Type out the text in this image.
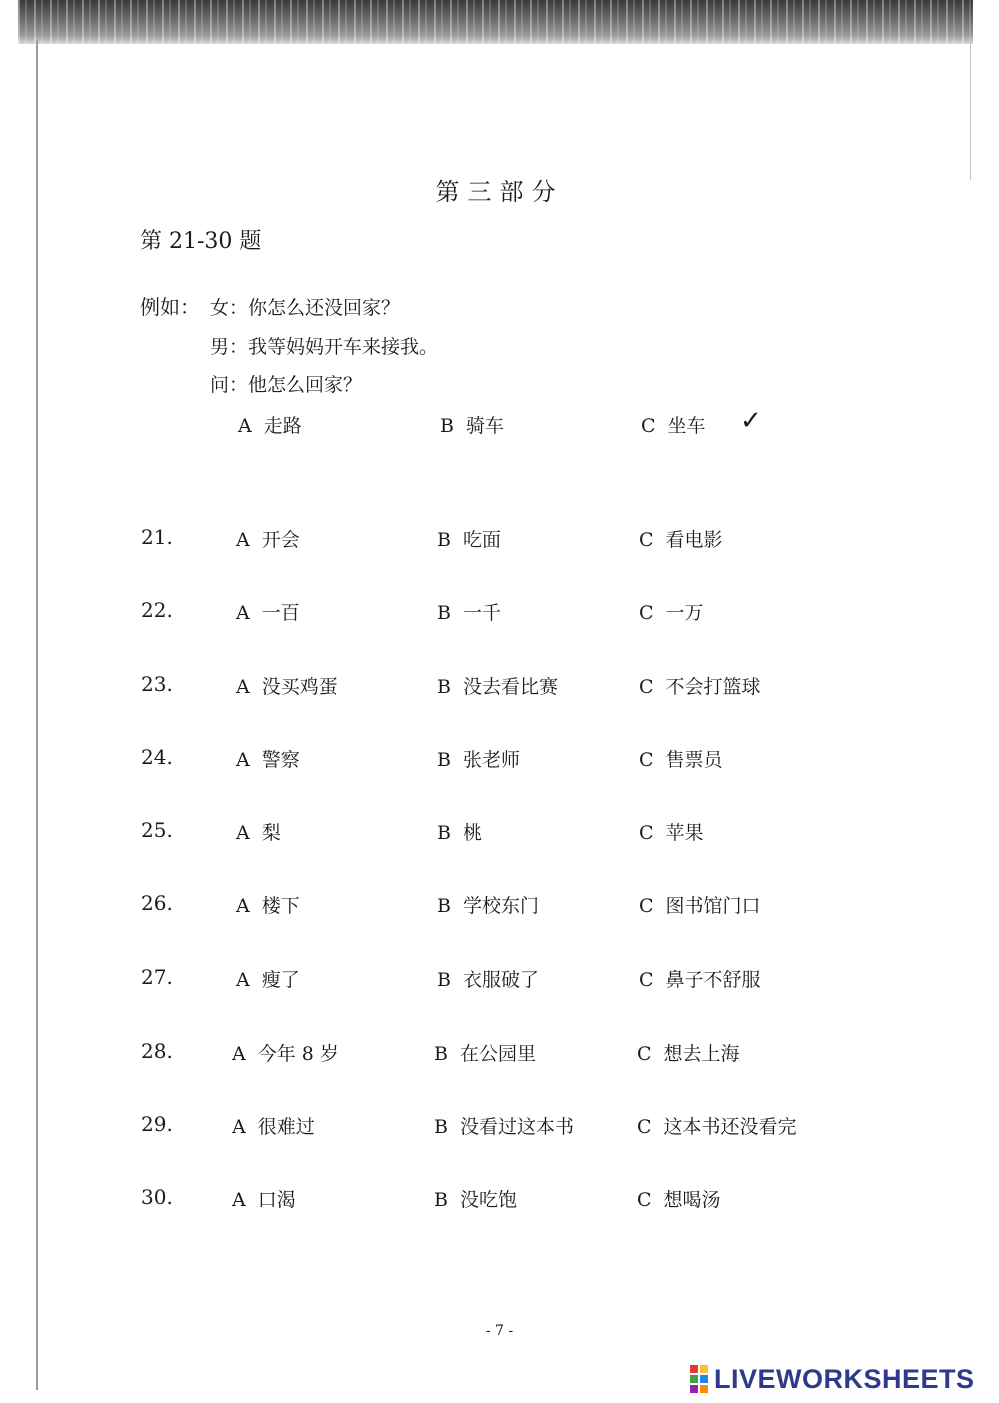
第三部分
第 21-30 题
例如： 女：你怎么还没回家？
男：我等妈妈开车来接我。
问：他怎么回家？
A 走路	B 骑车	C 坐车 ✓
21.	A 开会	B 吃面	C 看电影
22.	A 一百	B 一千	C 一万
23.	A 没买鸡蛋	B 没去看比赛	C 不会打篮球
24.	A 警察	B 张老师	C 售票员
25.	A 梨	B 桃	C 苹果
26.	A 楼下	B 学校东门	C 图书馆门口
27.	A 瘦了	B 衣服破了	C 鼻子不舒服
28.	A 今年 8 岁	B 在公园里	C 想去上海
29.	A 很难过	B 没看过这本书	C 这本书还没看完
30.	A 口渴	B 没吃饱	C 想喝汤
- 7 -
LIVEWORKSHEETS
